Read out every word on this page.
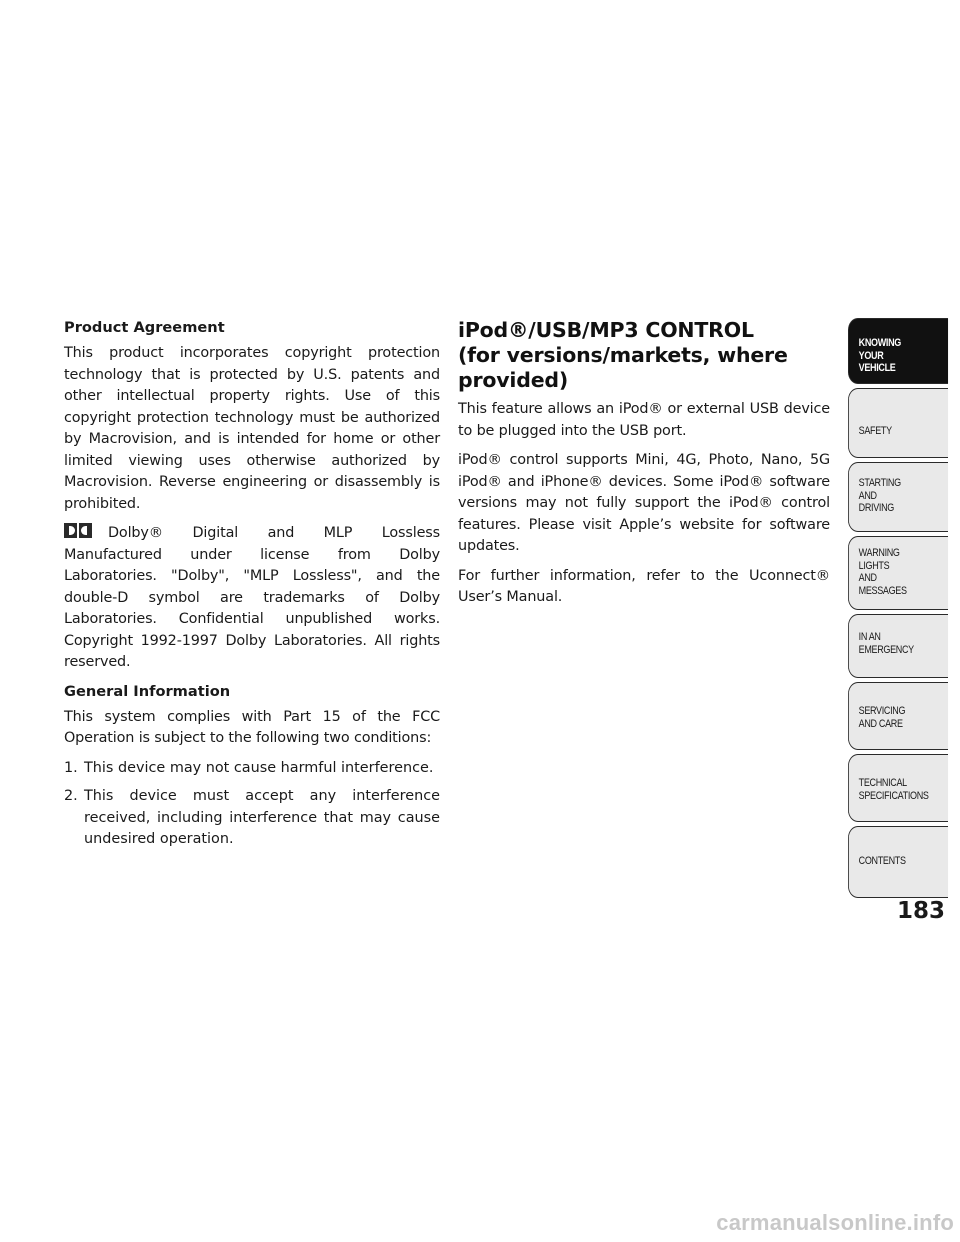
Product Agreement

This product incorporates copyright protection technology that is protected by U.S. patents and other intellectual property rights. Use of this copyright protection technology must be authorized by Macrovision, and is intended for home or other limited viewing uses otherwise authorized by Macrovision. Reverse engineering or disassembly is prohibited.

Dolby® Digital and MLP Lossless Manufactured under license from Dolby Laboratories. "Dolby", "MLP Lossless", and the double-D symbol are trademarks of Dolby Laboratories. Confidential unpublished works. Copyright 1992-1997 Dolby Laboratories. All rights reserved.

General Information

This system complies with Part 15 of the FCC Operation is subject to the following two conditions:

1. This device may not cause harmful interference.
2. This device must accept any interference received, including interference that may cause undesired operation.
iPod®/USB/MP3 CONTROL
(for versions/markets, where
provided)

This feature allows an iPod® or external USB device to be plugged into the USB port.

iPod® control supports Mini, 4G, Photo, Nano, 5G iPod® and iPhone® devices. Some iPod® software versions may not fully support the iPod® control features. Please visit Apple’s website for software updates.

For further information, refer to the Uconnect® User’s Manual.

KNOWING
YOUR
VEHICLE
SAFETY
STARTING
AND
DRIVING
WARNING
LIGHTS
AND
MESSAGES
IN AN
EMERGENCY
SERVICING
AND CARE
TECHNICAL
SPECIFICATIONS
CONTENTS
183
carmanualsonline.info
